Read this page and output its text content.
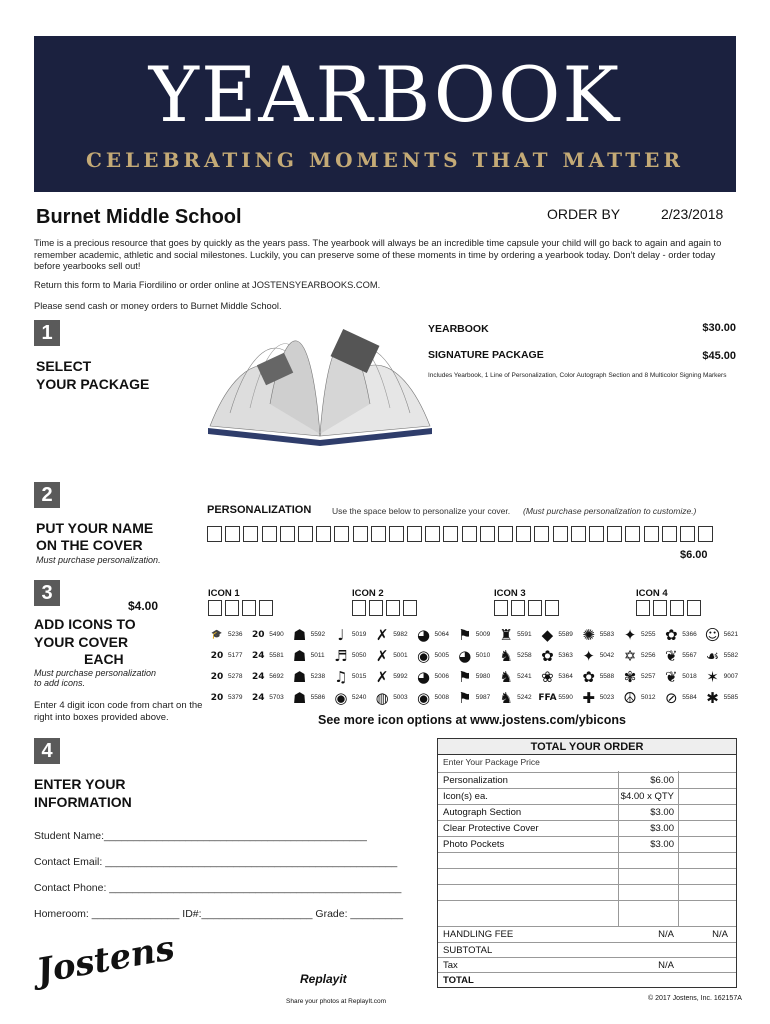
YEARBOOK
CELEBRATING MOMENTS THAT MATTER
Burnet Middle School	ORDER BY	2/23/2018
Time is a precious resource that goes by quickly as the years pass. The yearbook will always be an incredible time capsule your child will go back to again and again to remember academic, athletic and social milestones. Luckily, you can preserve some of these moments in time by ordering a yearbook today. Don’t delay - order today before yearbooks sell out!
Return this form to Maria Fiordilino or order online at JOSTENSYEARBOOKS.COM.
Please send cash or money orders to Burnet Middle School.
1
SELECT
YOUR PACKAGE
YEARBOOK	$30.00
SIGNATURE PACKAGE	$45.00
Includes Yearbook, 1 Line of Personalization, Color Autograph Section and 8 Multicolor Signing Markers
2
PUT YOUR NAME
ON THE COVER
Must purchase personalization.
PERSONALIZATION Use the space below to personalize your cover. (Must purchase personalization to customize.)
$6.00
3
$4.00
ADD ICONS TO
YOUR COVER
EACH
Must purchase personalization
to add icons.
Enter 4 digit icon code from chart on the
right into boxes provided above.
ICON 1	ICON 2	ICON 3	ICON 4
🎓 5236	20 5490 ☗ 5592 ♩	5019 ✗ 5982 ◕ 5064 ⚑ 5009 ♜ 5591 ◆ 5589 ✺ 5583 ✦ 5255 ✿ 5366 ☺ 5621
20 5177	24 5581 ☗ 5011 ♬ 5050 ✗ 5001 ◉ 5005 ◕ 5010 ♞ 5258 ✿ 5363 ✦ 5042 ✡ 5256 ❦ 5567 ☙ 5582
20 5278	24 5692 ☗ 5238 ♫ 5015 ✗ 5992 ◕ 5006 ⚑ 5980 ♞ 5241 ❀ 5364 ✿ 5588 ✾ 5257 ❦ 5018 ✶ 9007
20 5379	24 5703 ☗ 5586 ◉ 5240 ◍ 5003 ◉ 5008 ⚑ 5987 ♞ 5242 FFA 5590 ✚ 5023 ☮ 5012 ⊘ 5584 ✱ 5585
See more icon options at www.jostens.com/ybicons
4
ENTER YOUR
INFORMATION
Student Name:_____________________________________________
Contact Email: __________________________________________________
Contact Phone: __________________________________________________
Homeroom: _______________ ID#:___________________ Grade: _________
TOTAL YOUR ORDER
Enter Your Package Price
Personalization	$6.00
Icon(s) ea.	$4.00 x QTY
Autograph Section	$3.00
Clear Protective Cover	$3.00
Photo Pockets	$3.00
HANDLING FEE	N/A	N/A
SUBTOTAL
Tax	N/A
TOTAL
Jostens	Replayit
Share your photos at ReplayIt.com	© 2017 Jostens, Inc. 162157A
